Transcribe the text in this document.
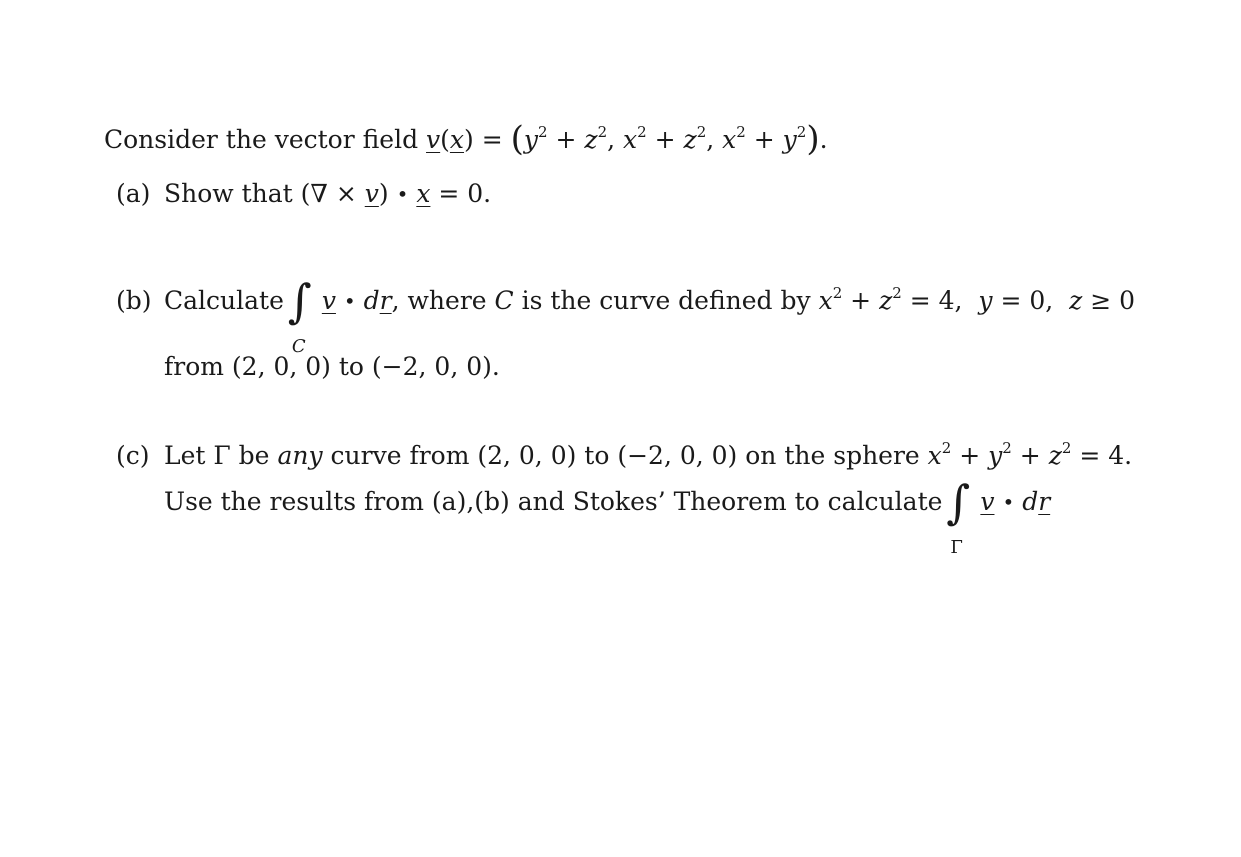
Consider the vector field $v(x) = (y^2 + z^2$, $x^2 + z^2$, $x^2 + y^2$).
(a) Show that (∇ × v) • x = 0.
(b) Calculate∫
C
v • dr, where C is the curve defined by $x^2 + z^2 = 4$,  y = 0,  z ≥ 0
from (2, 0, 0) to (−2, 0, 0).
(c) Let Γ be any curve from (2, 0, 0) to (−2, 0, 0) on the sphere $x^2 + y^2 + z^2 = 4$.
Use the results from (a),(b) and Stokes’ Theorem to calculate∫
Γ
v • dr
